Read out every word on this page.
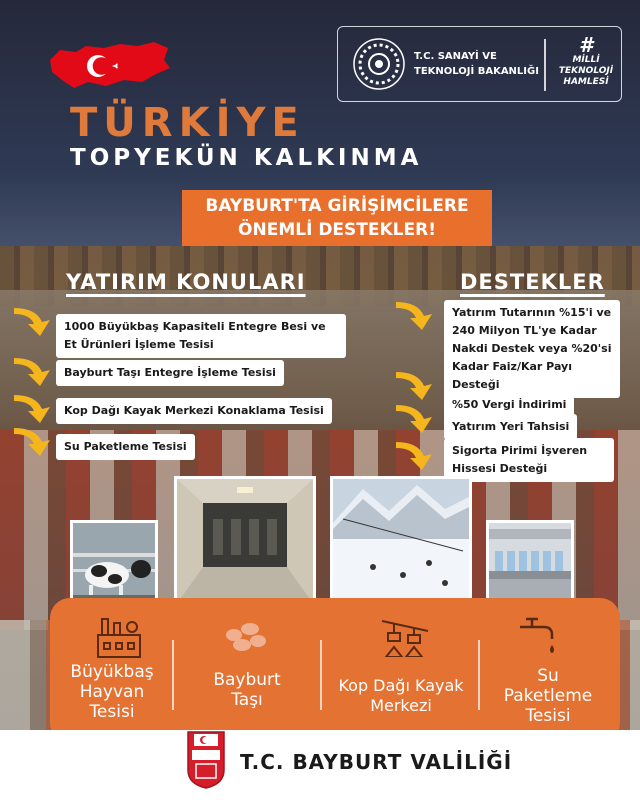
TÜRKİYE
TOPYEKÜN KALKINMA
T.C. SANAYİ VE
TEKNOLOJİ BAKANLIĞI
#
MİLLİ
TEKNOLOJİ
HAMLESİ
BAYBURT'TA GİRİŞİMCİLERE
ÖNEMLİ DESTEKLER!
YATIRIM KONULARI	DESTEKLER
1000 Büyükbaş Kapasiteli Entegre Besi ve Et Ürünleri İşleme Tesisi
Bayburt Taşı Entegre İşleme Tesisi
Kop Dağı Kayak Merkezi Konaklama Tesisi
Su Paketleme Tesisi
Yatırım Tutarının %15'i ve 240 Milyon TL'ye Kadar Nakdi Destek veya %20'si Kadar Faiz/Kar Payı Desteği
%50 Vergi İndirimi
Yatırım Yeri Tahsisi
Sigorta Pirimi İşveren Hissesi Desteği
Büyükbaş
Hayvan
Tesisi
Bayburt
Taşı
Kop Dağı Kayak
Merkezi
Su
Paketleme
Tesisi
T.C. BAYBURT VALİLİĞİ
